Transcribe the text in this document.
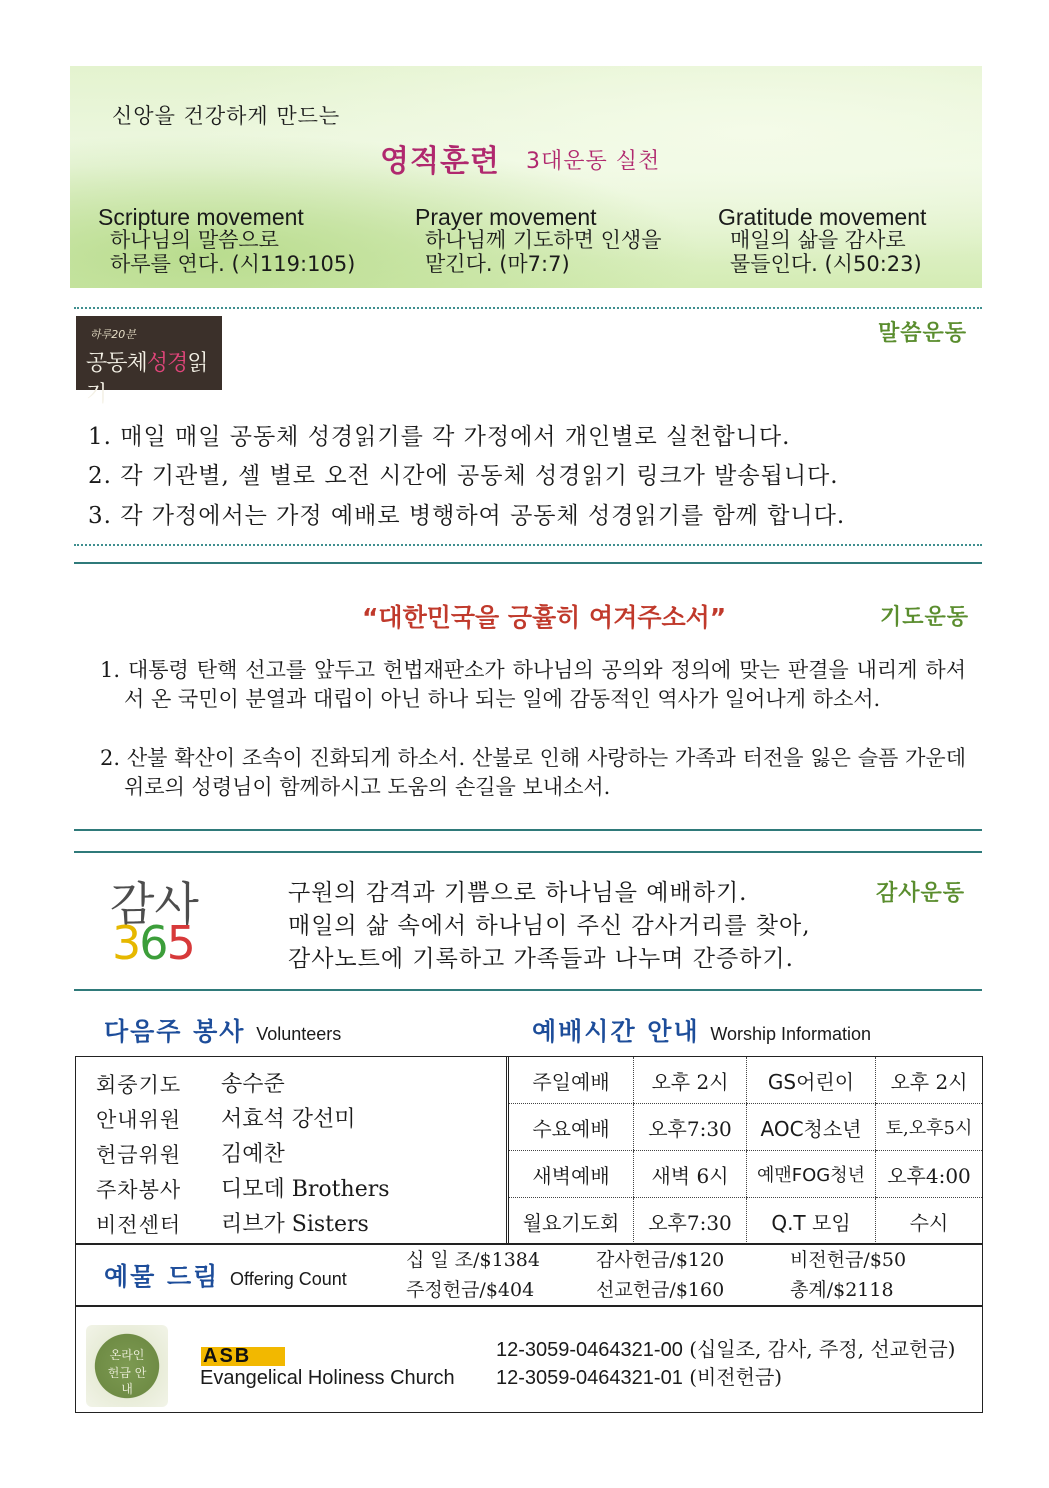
신앙을 건강하게 만드는
영적훈련 3대운동 실천
Scripture movement
하나님의 말씀으로
하루를 연다. (시119:105)
Prayer movement
하나님께 기도하면 인생을
맡긴다. (마7:7)
Gratitude movement
매일의 삶을 감사로
물들인다. (시50:23)
하루20분
공동체성경읽기
말씀운동
1. 매일 매일 공동체 성경읽기를 각 가정에서 개인별로 실천합니다.
2. 각 기관별, 셀 별로 오전 시간에 공동체 성경읽기 링크가 발송됩니다.
3. 각 가정에서는 가정 예배로 병행하여 공동체 성경읽기를 함께 합니다.
“대한민국을 긍휼히 여겨주소서”	기도운동
1. 대통령 탄핵 선고를 앞두고 헌법재판소가 하나님의 공의와 정의에 맞는 판결을 내리게 하셔서 온 국민이 분열과 대립이 아닌 하나 되는 일에 감동적인 역사가 일어나게 하소서.
2. 산불 확산이 조속이 진화되게 하소서. 산불로 인해 사랑하는 가족과 터전을 잃은 슬픔 가운데 위로의 성령님이 함께하시고 도움의 손길을 보내소서.
감사
365
감사운동
구원의 감격과 기쁨으로 하나님을 예배하기.
매일의 삶 속에서 하나님이 주신 감사거리를 찾아,
감사노트에 기록하고 가족들과 나누며 간증하기.
다음주 봉사 Volunteers	예배시간 안내 Worship Information
회중기도 송수준
안내위원 서효석 강선미
헌금위원 김예찬
주차봉사 디모데 Brothers
비전센터 리브가 Sisters
주일예배	오후 2시	GS어린이	오후 2시
수요예배	오후7:30	AOC청소년	토,오후5시
새벽예배	새벽 6시	예맨FOG청년	오후4:00
월요기도회	오후7:30	Q.T 모임	수시
예물 드림 Offering Count
십 일 조/$1384	감사헌금/$120	비전헌금/$50
주정헌금/$404	선교헌금/$160	총계/$2118
온라인
헌금 안내
ASB
Evangelical Holiness Church
12-3059-0464321-00 (십일조, 감사, 주정, 선교헌금)
12-3059-0464321-01 (비전헌금)
